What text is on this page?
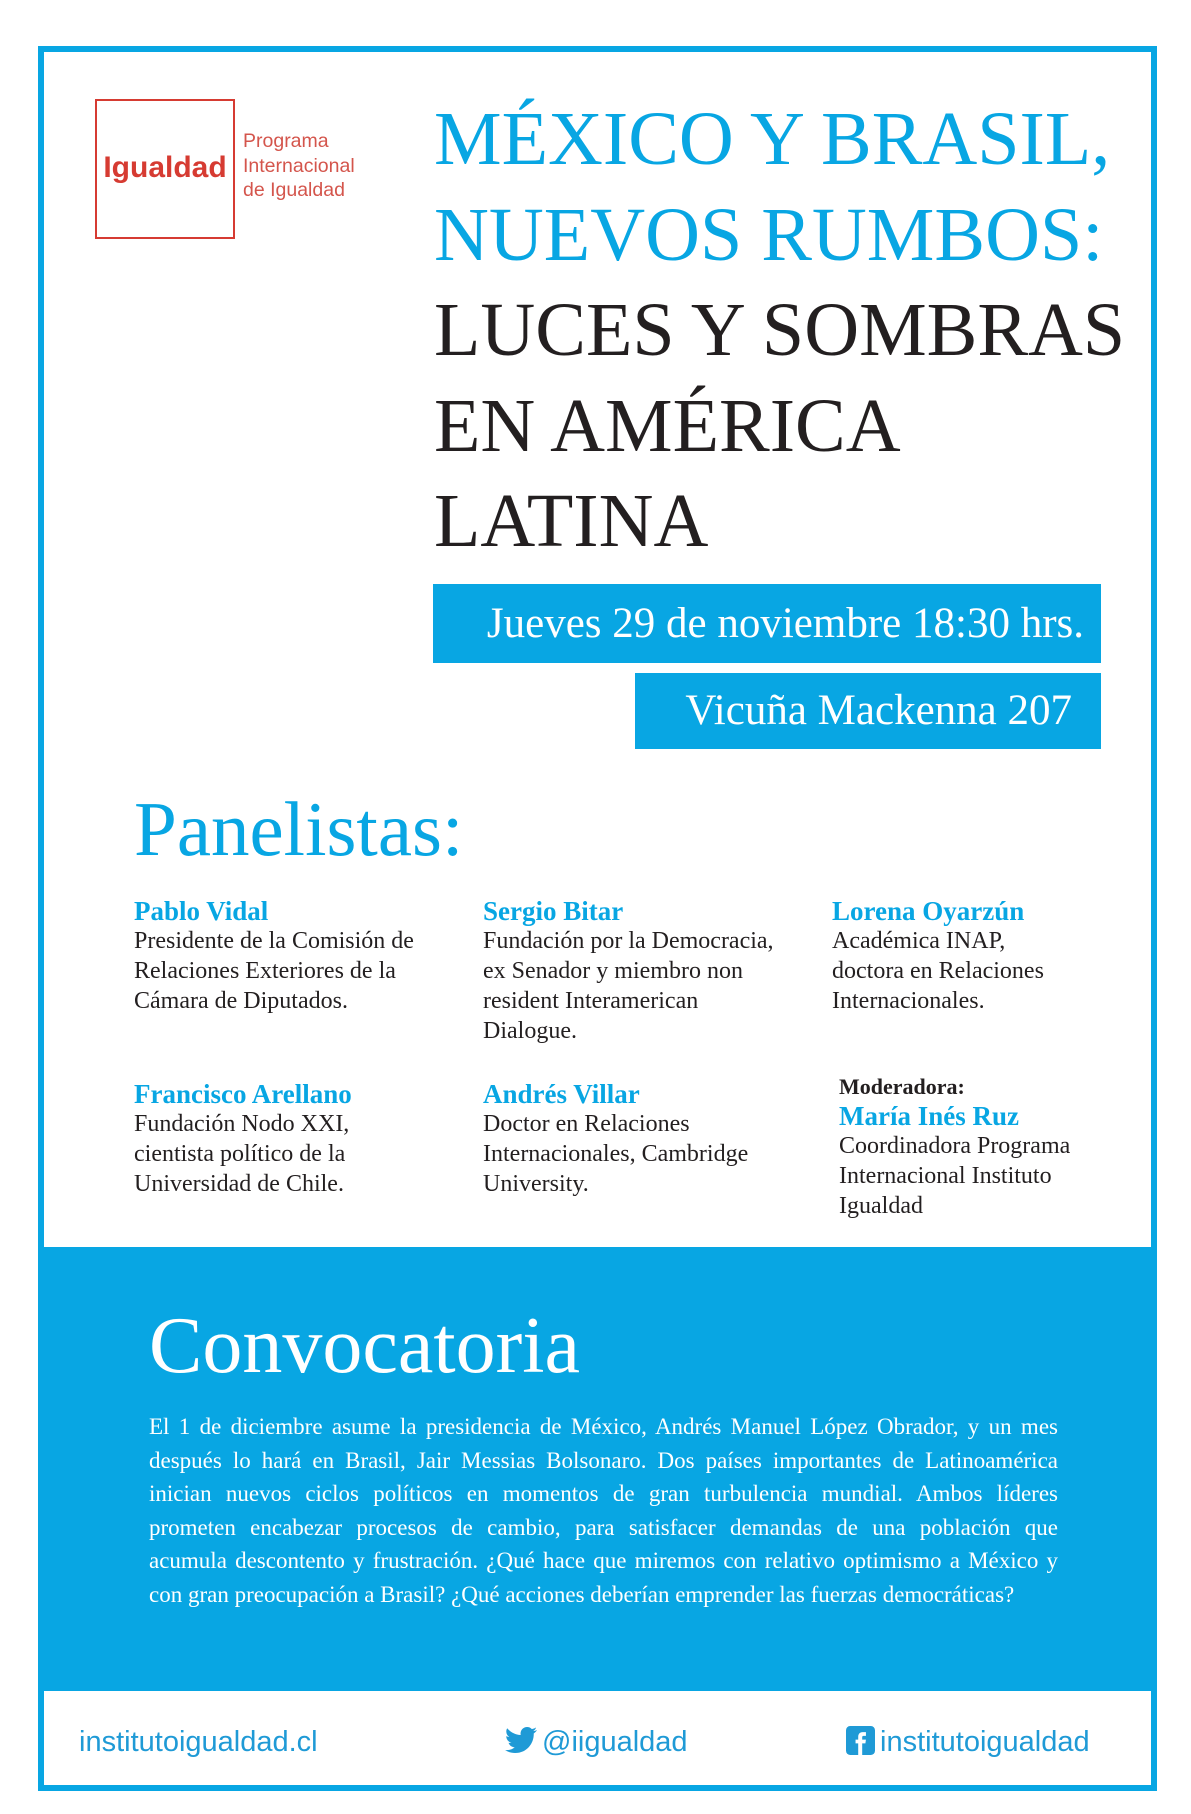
Igualdad
Programa
Internacional
de Igualdad
MÉXICO Y BRASIL,
NUEVOS RUMBOS:
LUCES Y SOMBRAS
EN AMÉRICA
LATINA
Jueves 29 de noviembre 18:30 hrs.
Vicuña Mackenna 207
Panelistas:
Pablo Vidal
Presidente de la Comisión de
Relaciones Exteriores de la
Cámara de Diputados.
Sergio Bitar
Fundación por la Democracia,
ex Senador y miembro non
resident Interamerican
Dialogue.
Lorena Oyarzún
Académica INAP,
doctora en Relaciones
Internacionales.
Francisco Arellano
Fundación Nodo XXI,
cientista político de la
Universidad de Chile.
Andrés Villar
Doctor en Relaciones
Internacionales, Cambridge
University.
Moderadora:
María Inés Ruz
Coordinadora Programa
Internacional Instituto
Igualdad
Convocatoria
El 1 de diciembre asume la presidencia de México, Andrés Manuel López Obrador, y un mes
después lo hará en Brasil, Jair Messias Bolsonaro. Dos países importantes de Latinoamérica
inician nuevos ciclos políticos en momentos de gran turbulencia mundial. Ambos líderes
prometen encabezar procesos de cambio, para satisfacer demandas de una población que
acumula descontento y frustración. ¿Qué hace que miremos con relativo optimismo a México y
con gran preocupación a Brasil? ¿Qué acciones deberían emprender las fuerzas democráticas?
institutoigualdad.cl	@iigualdad	institutoigualdad
